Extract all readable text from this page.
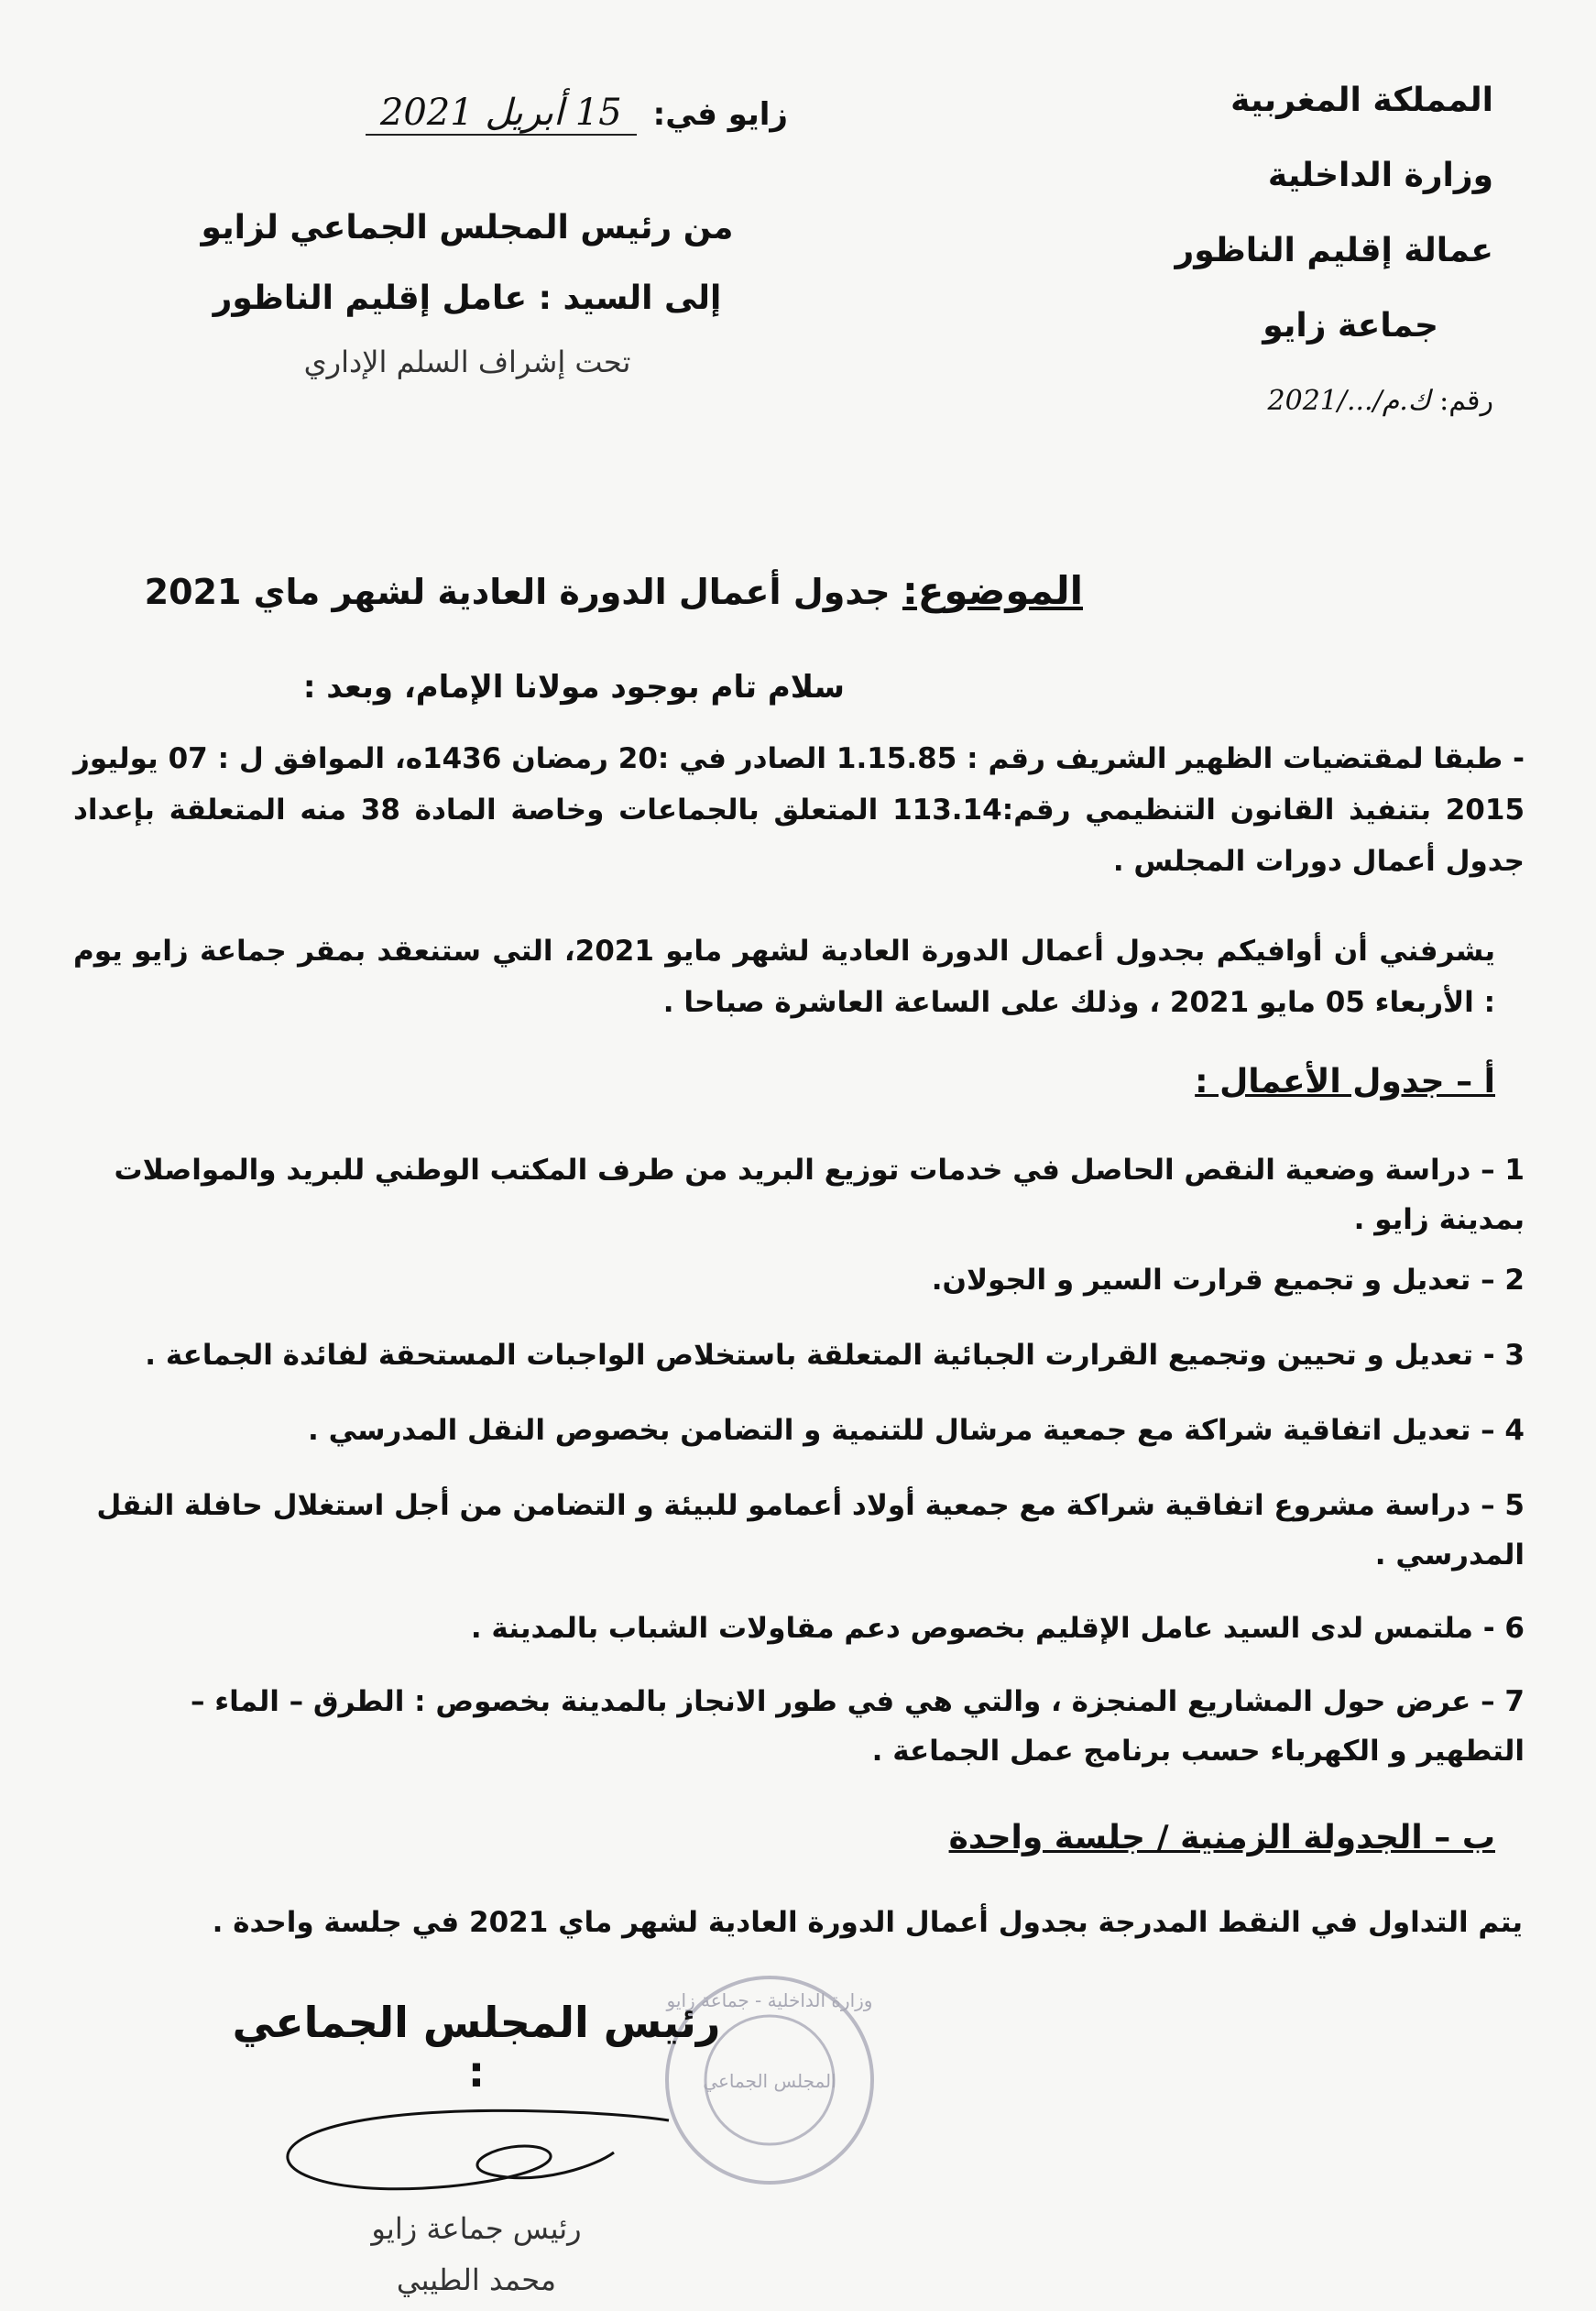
المملكة المغربية
وزارة الداخلية
عمالة إقليم الناظور
جماعة زايو
رقم: ك.م/.../2021
زايو في: 15 أبريل 2021
من رئيس المجلس الجماعي لزايو
إلى السيد : عامل إقليم الناظور
تحت إشراف السلم الإداري
الموضوع: جدول أعمال الدورة العادية لشهر ماي 2021
سلام تام بوجود مولانا الإمام، وبعد :
- طبقا لمقتضيات الظهير الشريف رقم : 1.15.85 الصادر في :20 رمضان 1436ه، الموافق ل : 07 يوليوز 2015 بتنفيذ القانون التنظيمي رقم:113.14 المتعلق بالجماعات وخاصة المادة 38 منه المتعلقة بإعداد جدول أعمال دورات المجلس .
يشرفني أن أوافيكم بجدول أعمال الدورة العادية لشهر مايو 2021، التي ستنعقد بمقر جماعة زايو يوم : الأربعاء 05 مايو 2021 ، وذلك على الساعة العاشرة صباحا .
أ – جدول الأعمال :
1 – دراسة وضعية النقص الحاصل في خدمات توزيع البريد من طرف المكتب الوطني للبريد والمواصلات بمدينة زايو .
2 – تعديل و تجميع قرارت السير و الجولان.
3 - تعديل و تحيين وتجميع القرارت الجبائية المتعلقة باستخلاص الواجبات المستحقة لفائدة الجماعة .
4 – تعديل اتفاقية شراكة مع جمعية مرشال للتنمية و التضامن بخصوص النقل المدرسي .
5 – دراسة مشروع اتفاقية شراكة مع جمعية أولاد أعمامو للبيئة و التضامن من أجل استغلال حافلة النقل المدرسي .
6 - ملتمس لدى السيد عامل الإقليم بخصوص دعم مقاولات الشباب بالمدينة .
7 – عرض حول المشاريع المنجزة ، والتي هي في طور الانجاز بالمدينة بخصوص : الطرق – الماء – التطهير و الكهرباء حسب برنامج عمل الجماعة .
ب – الجدولة الزمنية / جلسة واحدة
يتم التداول في النقط المدرجة بجدول أعمال الدورة العادية لشهر ماي 2021 في جلسة واحدة .
وزارة الداخلية - جماعة زايو
المجلس الجماعي
رئيس المجلس الجماعي :
رئيس جماعة زايو
محمد الطيبي
